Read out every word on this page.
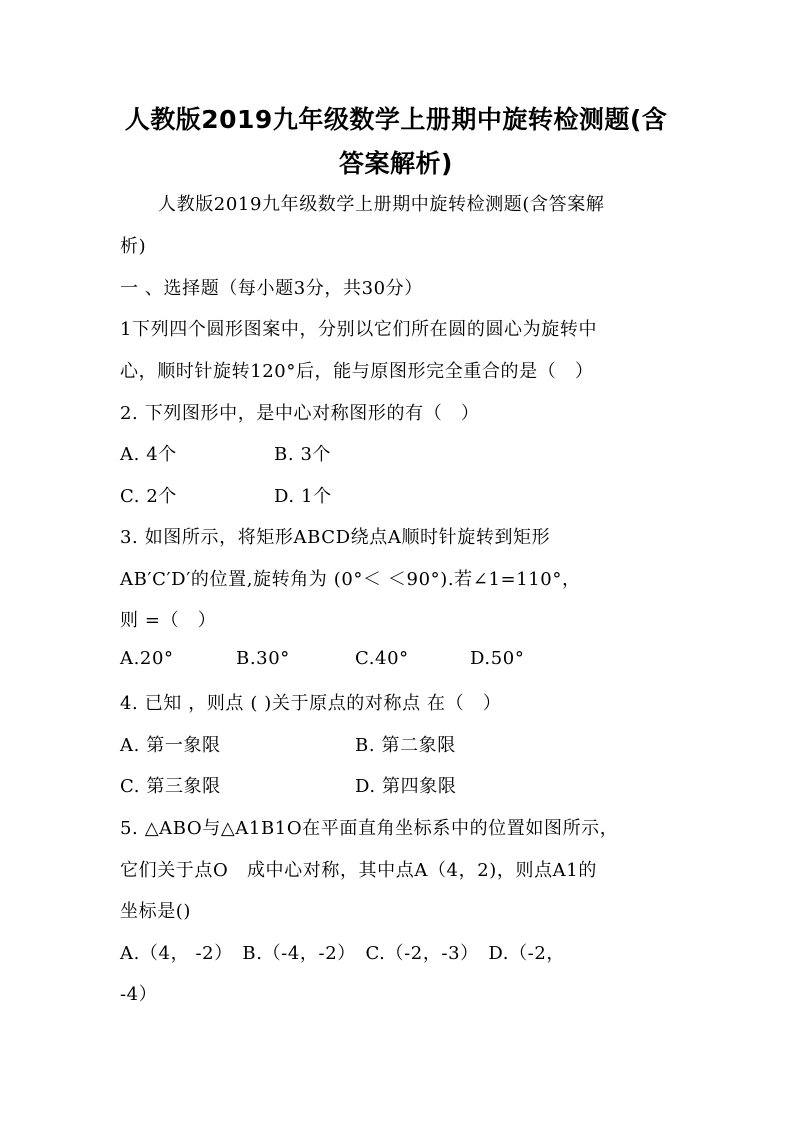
人教版2019九年级数学上册期中旋转检测题(含
答案解析)
人教版2019九年级数学上册期中旋转检测题(含答案解
析)
一 、选择题（每小题3分，共30分）
1下列四个圆形图案中，分别以它们所在圆的圆心为旋转中
心，顺时针旋转120°后，能与原图形完全重合的是（　）
2. 下列图形中，是中心对称图形的有（　）
A. 4个	B. 3个
C. 2个	D. 1个
3. 如图所示，将矩形ABCD绕点A顺时针旋转到矩形
AB′C′D′的位置,旋转角为 (0°＜ ＜90°).若∠1=110°，
则 =（　）
A.20°	B.30°	C.40°	D.50°
4. 已知 ，则点 ( )关于原点的对称点 在（　）
A. 第一象限	B. 第二象限
C. 第三象限	D. 第四象限
5. △ABO与△A1B1O在平面直角坐标系中的位置如图所示，
它们关于点O　成中心对称，其中点A（4，2)，则点A1的
坐标是()
A.（4， -2）　B.（-4，-2）　C.（-2，-3）　D.（-2，
-4）
